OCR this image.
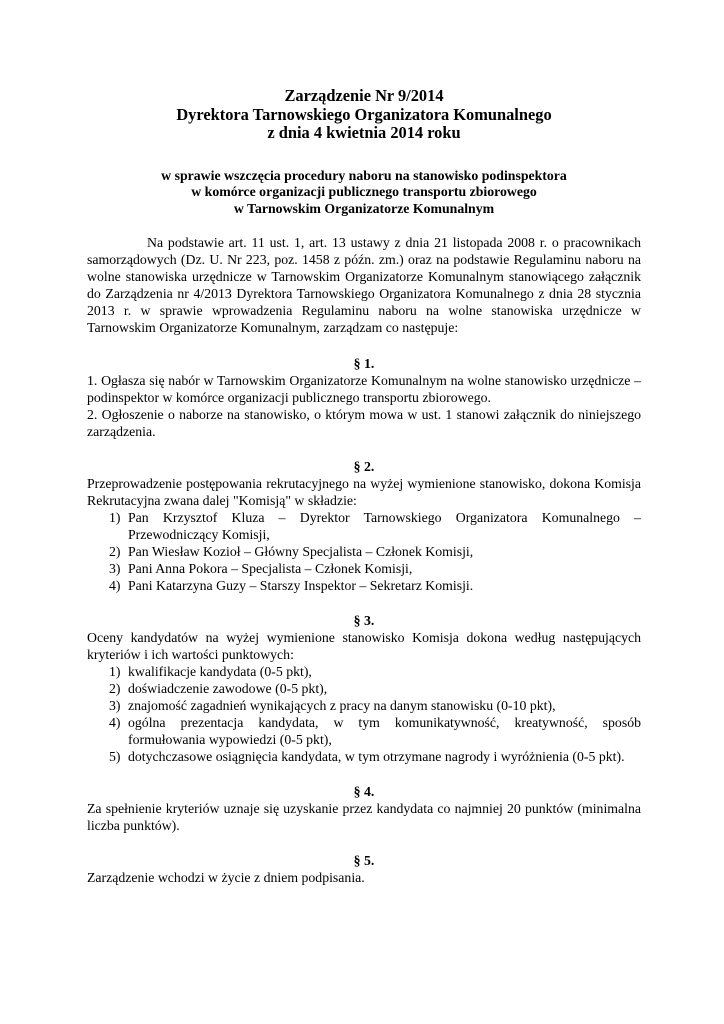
Zarządzenie Nr 9/2014
Dyrektora Tarnowskiego Organizatora Komunalnego
z dnia 4 kwietnia 2014 roku
w sprawie wszczęcia procedury naboru na stanowisko podinspektora
w komórce organizacji publicznego transportu zbiorowego
w Tarnowskim Organizatorze Komunalnym

Na podstawie art. 11 ust. 1, art. 13 ustawy z dnia 21 listopada 2008 r. o pracownikach samorządowych (Dz. U. Nr 223, poz. 1458 z późn. zm.) oraz na podstawie Regulaminu naboru na wolne stanowiska urzędnicze w Tarnowskim Organizatorze Komunalnym stanowiącego załącznik do Zarządzenia nr 4/2013 Dyrektora Tarnowskiego Organizatora Komunalnego z dnia 28 stycznia 2013 r. w sprawie wprowadzenia Regulaminu naboru na wolne stanowiska urzędnicze w Tarnowskim Organizatorze Komunalnym, zarządzam co następuje:

§ 1.
1. Ogłasza się nabór w Tarnowskim Organizatorze Komunalnym na wolne stanowisko urzędnicze – podinspektor w komórce organizacji publicznego transportu zbiorowego.
2. Ogłoszenie o naborze na stanowisko, o którym mowa w ust. 1 stanowi załącznik do niniejszego zarządzenia.
§ 2.
Przeprowadzenie postępowania rekrutacyjnego na wyżej wymienione stanowisko, dokona Komisja Rekrutacyjna zwana dalej "Komisją" w składzie:
1) Pan Krzysztof Kluza – Dyrektor Tarnowskiego Organizatora Komunalnego – Przewodniczący Komisji,
2) Pan Wiesław Kozioł – Główny Specjalista – Członek Komisji,
3) Pani Anna Pokora – Specjalista – Członek Komisji,
4) Pani Katarzyna Guzy – Starszy Inspektor – Sekretarz Komisji.
§ 3.
Oceny kandydatów na wyżej wymienione stanowisko Komisja dokona według następujących kryteriów i ich wartości punktowych:
1) kwalifikacje kandydata (0-5 pkt),
2) doświadczenie zawodowe (0-5 pkt),
3) znajomość zagadnień wynikających z pracy na danym stanowisku (0-10 pkt),
4) ogólna prezentacja kandydata, w tym komunikatywność, kreatywność, sposób formułowania wypowiedzi (0-5 pkt),
5) dotychczasowe osiągnięcia kandydata, w tym otrzymane nagrody i wyróżnienia (0-5 pkt).
§ 4.
Za spełnienie kryteriów uznaje się uzyskanie przez kandydata co najmniej 20 punktów (minimalna liczba punktów).
§ 5.
Zarządzenie wchodzi w życie z dniem podpisania.
